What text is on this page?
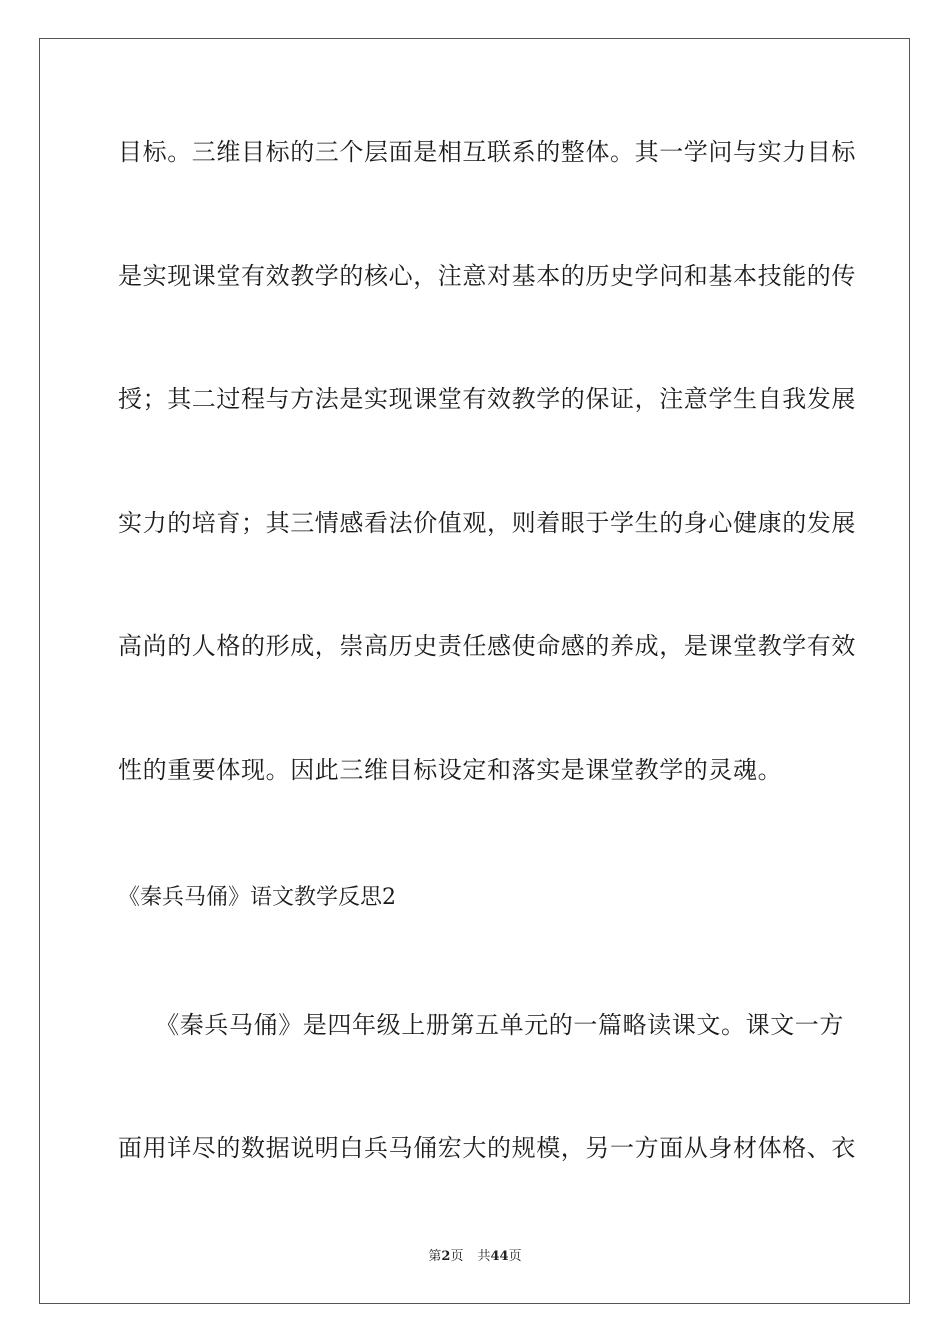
目标。三维目标的三个层面是相互联系的整体。其一学问与实力目标
是实现课堂有效教学的核心，注意对基本的历史学问和基本技能的传
授；其二过程与方法是实现课堂有效教学的保证，注意学生自我发展
实力的培育；其三情感看法价值观，则着眼于学生的身心健康的发展
高尚的人格的形成，崇高历史责任感使命感的养成，是课堂教学有效
性的重要体现。因此三维目标设定和落实是课堂教学的灵魂。
《秦兵马俑》语文教学反思2
　　《秦兵马俑》是四年级上册第五单元的一篇略读课文。课文一方
面用详尽的数据说明白兵马俑宏大的规模，另一方面从身材体格、衣
第2页 共44页
